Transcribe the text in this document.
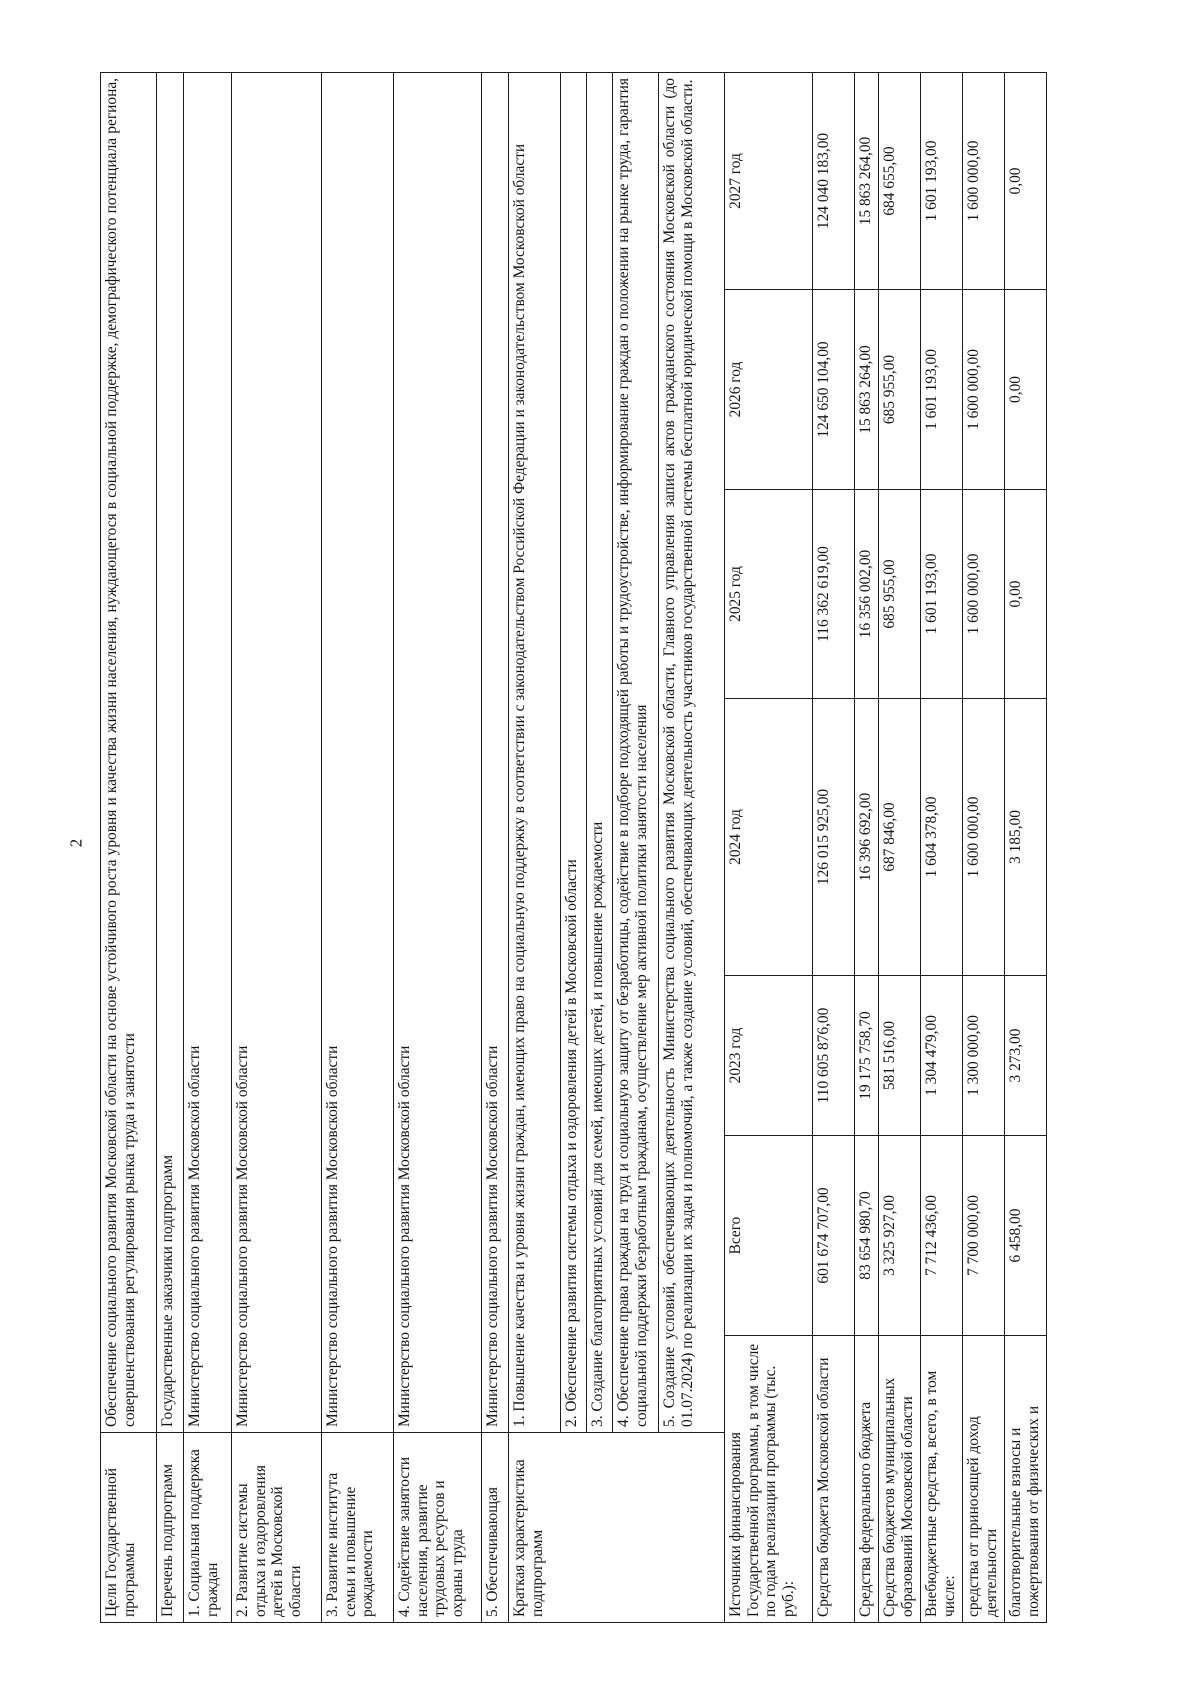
2
Цели Государственной программы	Обеспечение социального развития Московской области на основе устойчивого роста уровня и качества жизни населения, нуждающегося в социальной поддержке, демографического потенциала региона, совершенствования регулирования рынка труда и занятости						
Перечень подпрограмм	Государственные заказчики подпрограмм						
1. Социальная поддержка граждан	Министерство социального развития Московской области						
2. Развитие системы отдыха и оздоровления детей в Московской области	Министерство социального развития Московской области						
3. Развитие института семьи и повышение рождаемости	Министерство социального развития Московской области						
4. Содействие занятости населения, развитие трудовых ресурсов и охраны труда	Министерство социального развития Московской области						
5. Обеспечивающая	Министерство социального развития Московской области						
Краткая характеристика подпрограмм	1. Повышение качества и уровня жизни граждан, имеющих право на социальную поддержку в соответствии с законодательством Российской Федерации и законодательством Московской области						
	2. Обеспечение развития системы отдыха и оздоровления детей в Московской области						
	3. Создание благоприятных условий для семей, имеющих детей, и повышение рождаемости						
	4. Обеспечение права граждан на труд и социальную защиту от безработицы, содействие в подборе подходящей работы и трудоустройстве, информирование граждан о положении на рынке труда, гарантия социальной поддержки безработным гражданам, осуществление мер активной политики занятости населения						
	5. Создание условий, обеспечивающих деятельность Министерства социального развития Московской области, Главного управления записи актов гражданского состояния Московской области (до 01.07.2024) по реализации их задач и полномочий, а также создание условий, обеспечивающих деятельность участников государственной системы бесплатной юридической помощи в Московской области.						
Источники финансирования Государственной программы, в том числе по годам реализации программы (тыс. руб.):		Всего	2023 год	2024 год	2025 год	2026 год	2027 год
Средства бюджета Московской области		601 674 707,00	110 605 876,00	126 015 925,00	116 362 619,00	124 650 104,00	124 040 183,00
Средства федерального бюджета		83 654 980,70	19 175 758,70	16 396 692,00	16 356 002,00	15 863 264,00	15 863 264,00
Средства бюджетов муниципальных образований Московской области		3 325 927,00	581 516,00	687 846,00	685 955,00	685 955,00	684 655,00
Внебюджетные средства, всего, в том числе:		7 712 436,00	1 304 479,00	1 604 378,00	1 601 193,00	1 601 193,00	1 601 193,00
средства от приносящей доход деятельности		7 700 000,00	1 300 000,00	1 600 000,00	1 600 000,00	1 600 000,00	1 600 000,00
благотворительные взносы и пожертвования от физических и		6 458,00	3 273,00	3 185,00	0,00	0,00	0,00
